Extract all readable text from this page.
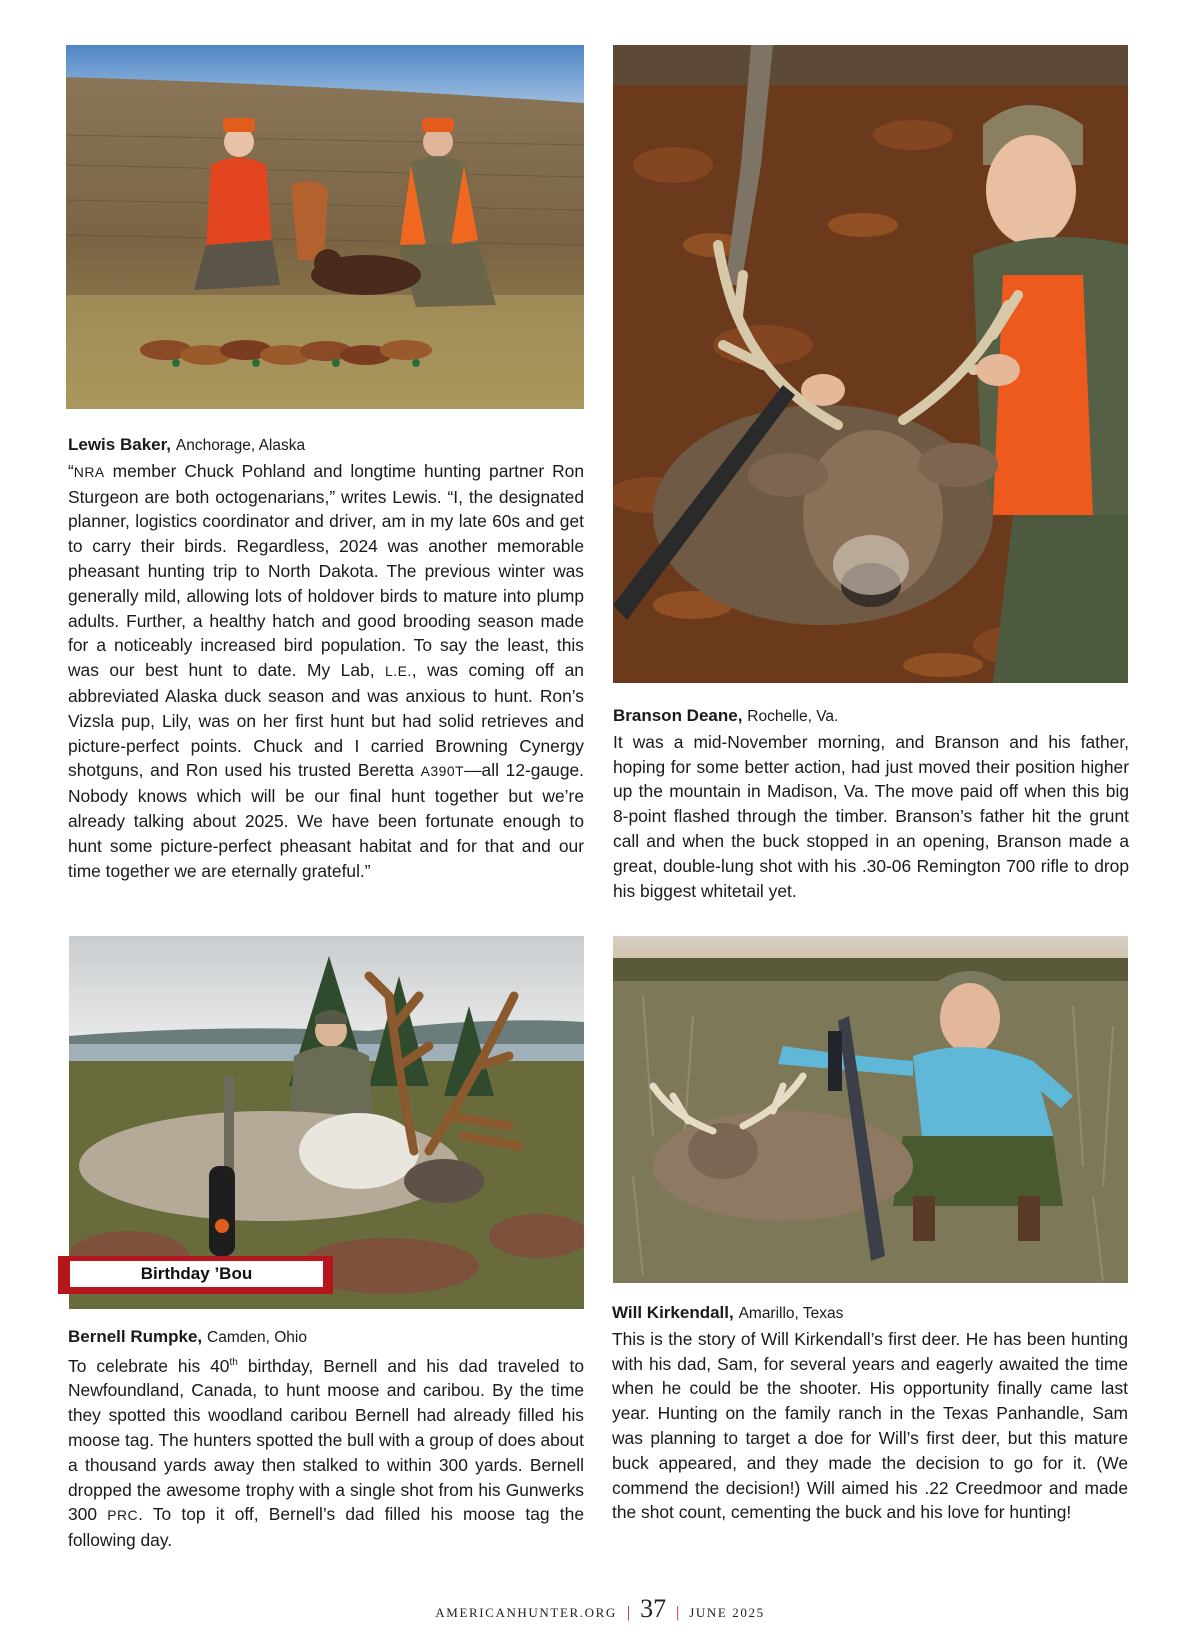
Lewis Baker, Anchorage, Alaska

“NRA member Chuck Pohland and longtime hunting partner Ron Sturgeon are both octogenarians,” writes Lewis. “I, the designated planner, logistics coordinator and driver, am in my late 60s and get to carry their birds. Regardless, 2024 was another memorable pheasant hunting trip to North Dakota. The previous winter was generally mild, allowing lots of holdover birds to mature into plump adults. Further, a healthy hatch and good brooding season made for a noticeably increased bird population. To say the least, this was our best hunt to date. My Lab, L.E., was coming off an abbreviated Alaska duck season and was anxious to hunt. Ron’s Vizsla pup, Lily, was on her first hunt but had solid retrieves and picture-perfect points. Chuck and I carried Browning Cynergy shotguns, and Ron used his trusted Beretta A390T—all 12-gauge. Nobody knows which will be our final hunt together but we’re already talking about 2025. We have been fortunate enough to hunt some picture-perfect pheasant habitat and for that and our time together we are eternally grateful.”

Branson Deane, Rochelle, Va.

It was a mid-November morning, and Branson and his father, hoping for some better action, had just moved their position higher up the mountain in Madison, Va. The move paid off when this big 8-point flashed through the timber. Branson’s father hit the grunt call and when the buck stopped in an opening, Branson made a great, double-lung shot with his .30-06 Remington 700 rifle to drop his biggest whitetail yet.

Birthday ’Bou

Bernell Rumpke, Camden, Ohio

To celebrate his 40th birthday, Bernell and his dad traveled to Newfoundland, Canada, to hunt moose and caribou. By the time they spotted this woodland caribou Bernell had already filled his moose tag. The hunters spotted the bull with a group of does about a thousand yards away then stalked to within 300 yards. Bernell dropped the awesome trophy with a single shot from his Gunwerks 300 PRC. To top it off, Bernell’s dad filled his moose tag the following day.

Will Kirkendall, Amarillo, Texas

This is the story of Will Kirkendall’s first deer. He has been hunting with his dad, Sam, for several years and eagerly awaited the time when he could be the shooter. His opportunity finally came last year. Hunting on the family ranch in the Texas Panhandle, Sam was planning to target a doe for Will’s first deer, but this mature buck appeared, and they made the decision to go for it. (We commend the decision!) Will aimed his .22 Creedmoor and made the shot count, cementing the buck and his love for hunting!

AMERICANHUNTER.ORG | 37 | JUNE 2025
